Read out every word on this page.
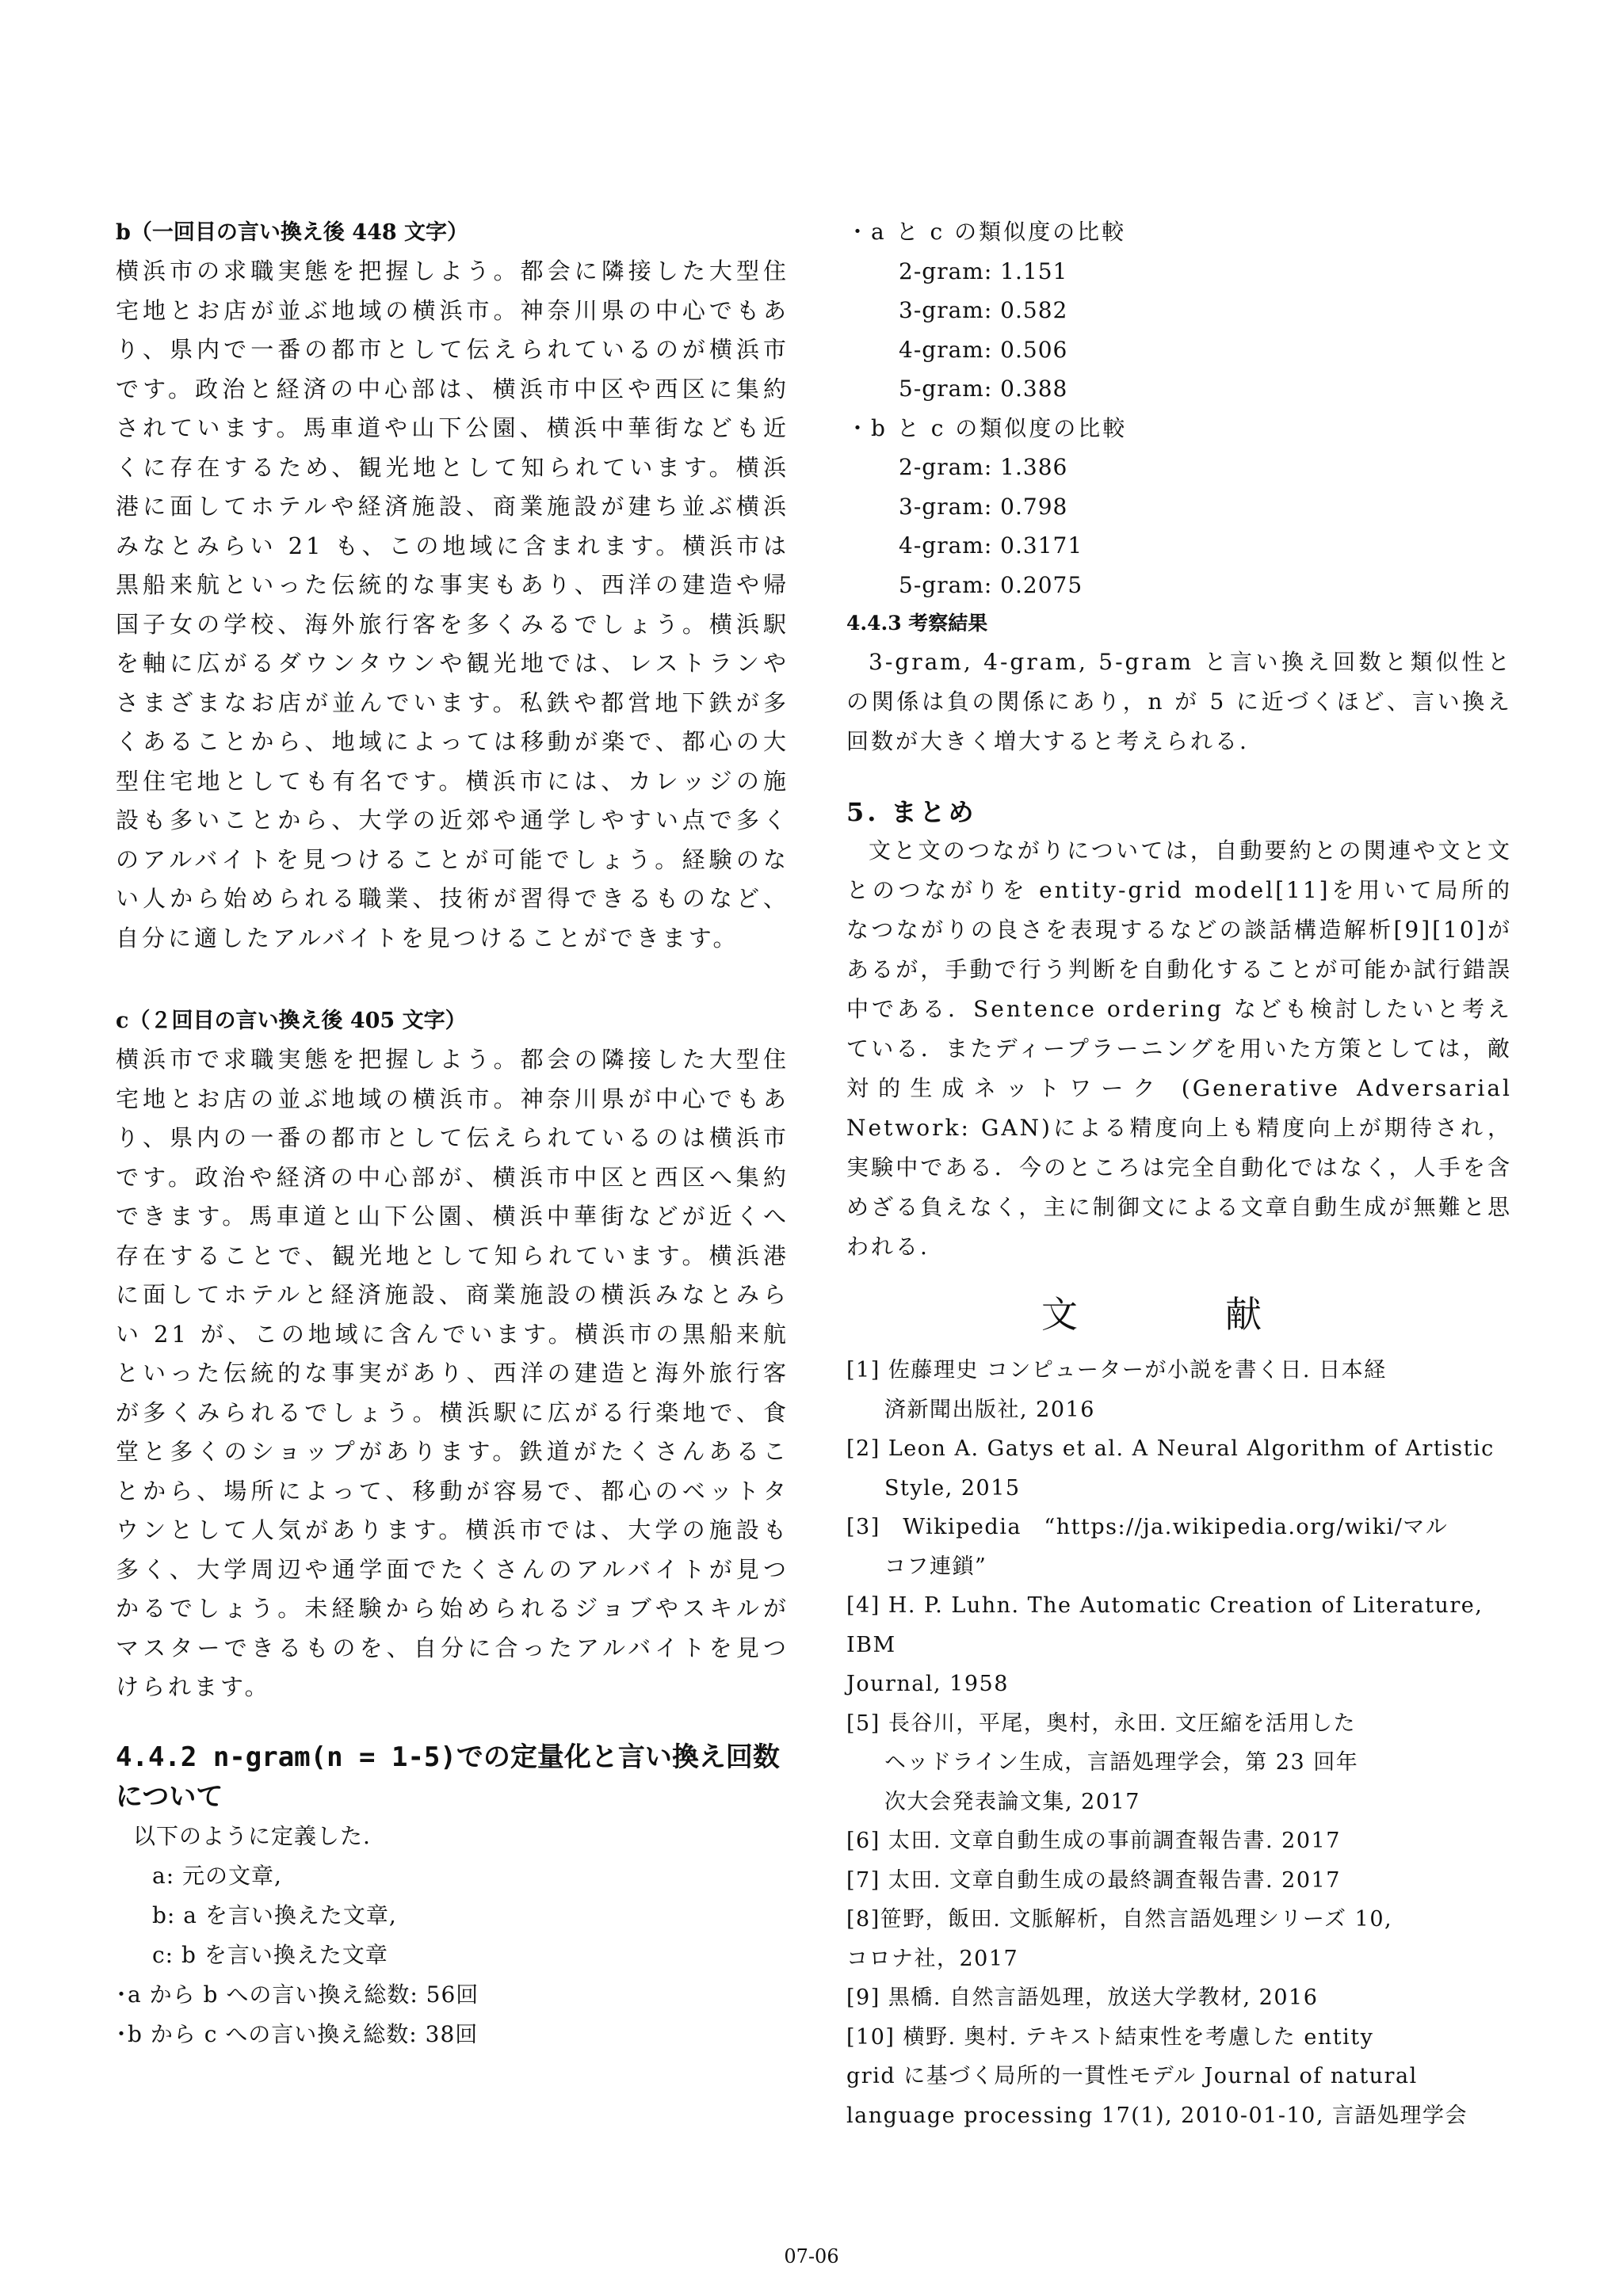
b（一回目の言い換え後 448 文字）
横浜市の求職実態を把握しよう。都会に隣接した大型住宅地とお店が並ぶ地域の横浜市。神奈川県の中心でもあり、県内で一番の都市として伝えられているのが横浜市です。政治と経済の中心部は、横浜市中区や西区に集約されています。馬車道や山下公園、横浜中華街なども近くに存在するため、観光地として知られています。横浜港に面してホテルや経済施設、商業施設が建ち並ぶ横浜みなとみらい 21 も、この地域に含まれます。横浜市は黒船来航といった伝統的な事実もあり、西洋の建造や帰国子女の学校、海外旅行客を多くみるでしょう。横浜駅を軸に広がるダウンタウンや観光地では、レストランやさまざまなお店が並んでいます。私鉄や都営地下鉄が多くあることから、地域によっては移動が楽で、都心の大型住宅地としても有名です。横浜市には、カレッジの施設も多いことから、大学の近郊や通学しやすい点で多くのアルバイトを見つけることが可能でしょう。経験のない人から始められる職業、技術が習得できるものなど、自分に適したアルバイトを見つけることができます。
c（２回目の言い換え後 405 文字）
横浜市で求職実態を把握しよう。都会の隣接した大型住宅地とお店の並ぶ地域の横浜市。神奈川県が中心でもあり、県内の一番の都市として伝えられているのは横浜市です。政治や経済の中心部が、横浜市中区と西区へ集約できます。馬車道と山下公園、横浜中華街などが近くへ存在することで、観光地として知られています。横浜港に面してホテルと経済施設、商業施設の横浜みなとみらい 21 が、この地域に含んでいます。横浜市の黒船来航といった伝統的な事実があり、西洋の建造と海外旅行客が多くみられるでしょう。横浜駅に広がる行楽地で、食堂と多くのショップがあります。鉄道がたくさんあることから、場所によって、移動が容易で、都心のベットタウンとして人気があります。横浜市では、大学の施設も多く、大学周辺や通学面でたくさんのアルバイトが見つかるでしょう。未経験から始められるジョブやスキルがマスターできるものを、自分に合ったアルバイトを見つけられます。
4.4.2 n-gram(n = 1-5)での定量化と言い換え回数について
以下のように定義した.
a: 元の文章,
b: a を言い換えた文章,
c: b を言い換えた文章
･a から b への言い換え総数: 56回
･b から c への言い換え総数: 38回
・a と c の類似度の比較
2-gram: 1.151
3-gram: 0.582
4-gram: 0.506
5-gram: 0.388
・b と c の類似度の比較
2-gram: 1.386
3-gram: 0.798
4-gram: 0.3171
5-gram: 0.2075
4.4.3 考察結果
3-gram, 4-gram, 5-gram と言い換え回数と類似性との関係は負の関係にあり，n が 5 に近づくほど、言い換え回数が大きく増大すると考えられる.
5. まとめ
文と文のつながりについては，自動要約との関連や文と文とのつながりを entity-grid model[11]を用いて局所的なつながりの良さを表現するなどの談話構造解析[9][10]があるが，手動で行う判断を自動化することが可能か試行錯誤中である．Sentence ordering なども検討したいと考えている．またディープラーニングを用いた方策としては，敵対的生成ネットワーク (Generative Adversarial Network: GAN)による精度向上も精度向上が期待され，実験中である．今のところは完全自動化ではなく，人手を含めざる負えなく，主に制御文による文章自動生成が無難と思われる.
文　献
[1] 佐藤理史 コンピューターが小説を書く日. 日本経
済新聞出版社, 2016
[2] Leon A. Gatys et al. A Neural Algorithm of Artistic
Style, 2015
[3]　Wikipedia　“https://ja.wikipedia.org/wiki/マル
コフ連鎖”
[4] H. P. Luhn. The Automatic Creation of Literature, IBM
Journal, 1958
[5] 長谷川，平尾，奥村，永田. 文圧縮を活用した
ヘッドライン生成，言語処理学会，第 23 回年
次大会発表論文集, 2017
[6] 太田. 文章自動生成の事前調査報告書. 2017
[7] 太田. 文章自動生成の最終調査報告書. 2017
[8]笹野，飯田. 文脈解析，自然言語処理シリーズ 10,
コロナ社，2017
[9] 黒橋. 自然言語処理，放送大学教材, 2016
[10] 横野. 奥村. テキスト結束性を考慮した entity
grid に基づく局所的一貫性モデル Journal of natural
language processing 17(1), 2010-01-10, 言語処理学会
07-06
